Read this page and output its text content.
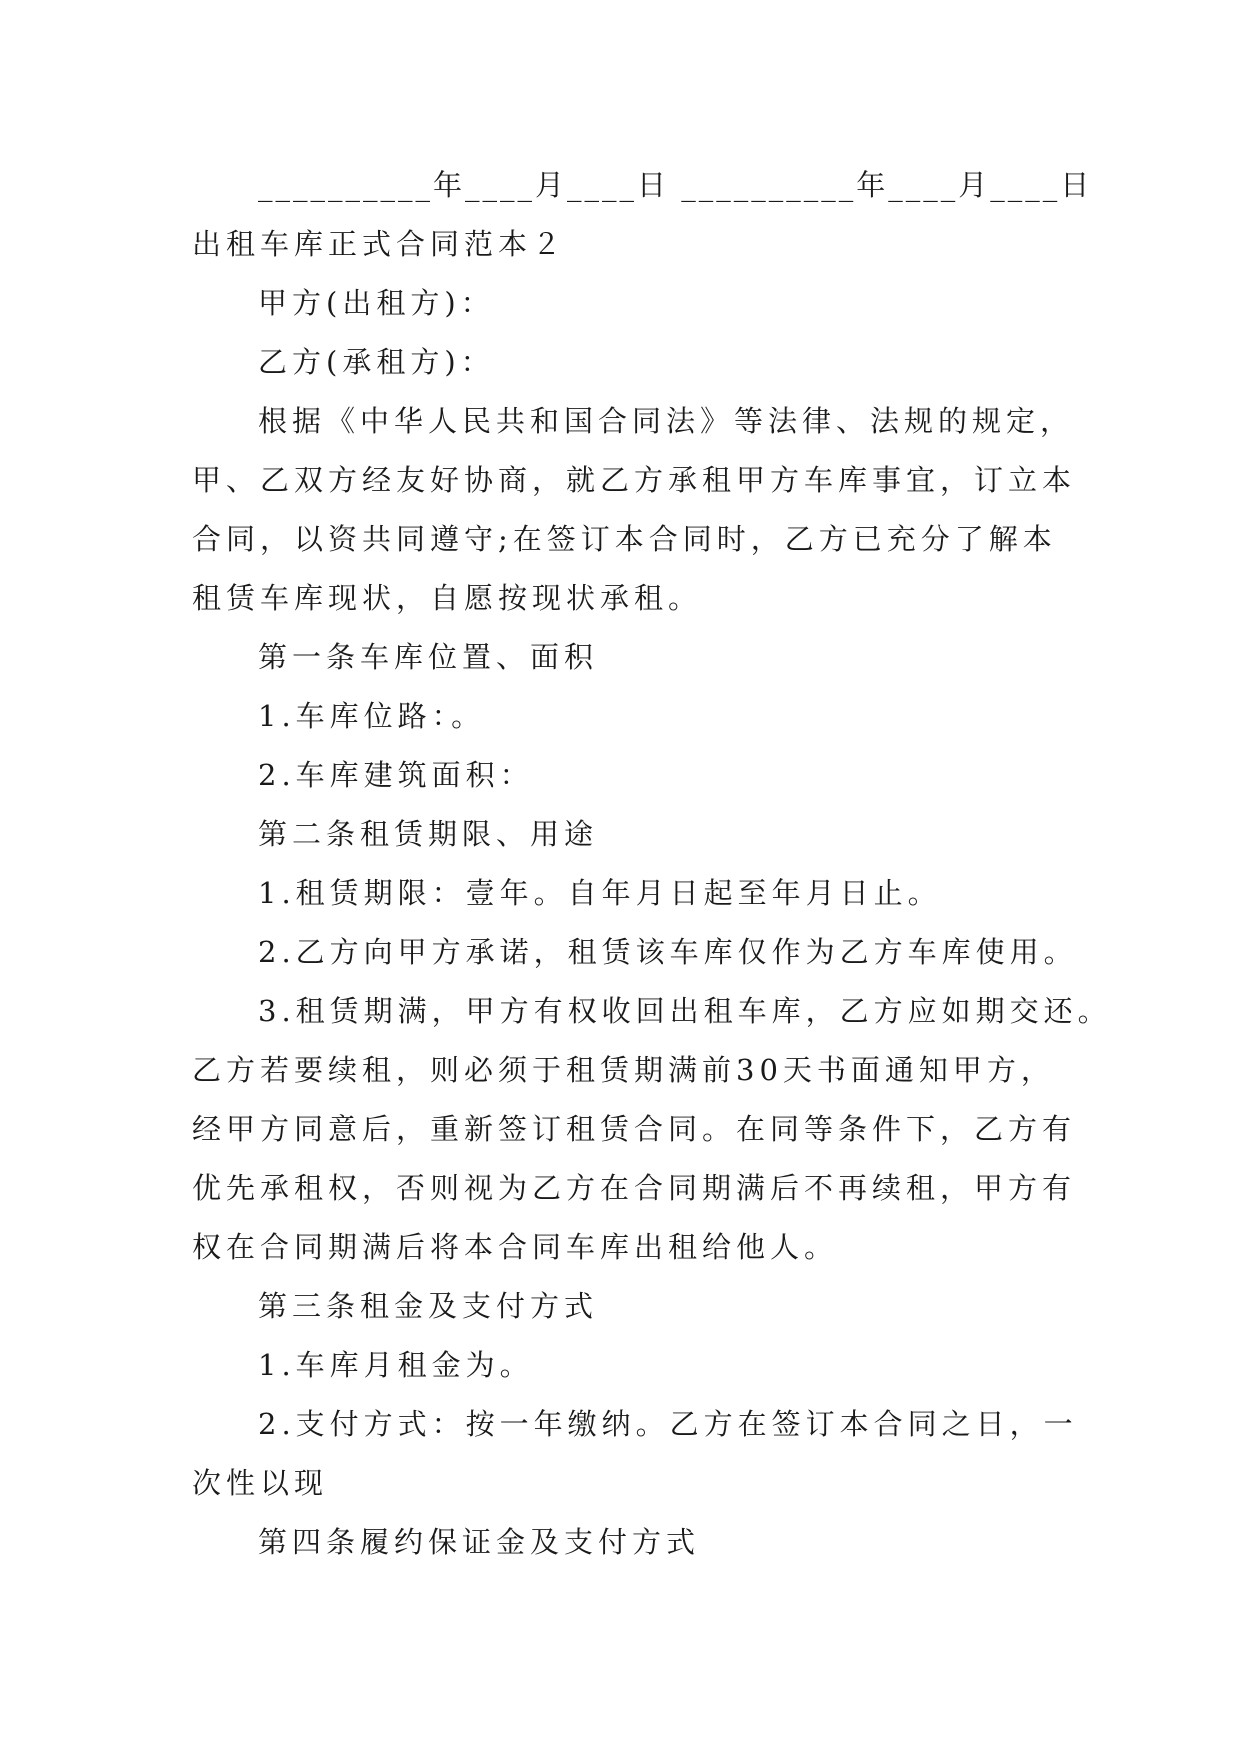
__________年____月____日 __________年____月____日
出租车库正式合同范本２
甲方(出租方)：
乙方(承租方)：
根据《中华人民共和国合同法》等法律、法规的规定，
甲、乙双方经友好协商，就乙方承租甲方车库事宜，订立本
合同，以资共同遵守;在签订本合同时，乙方已充分了解本
租赁车库现状，自愿按现状承租。
第一条车库位置、面积
1.车库位路：。
2.车库建筑面积：
第二条租赁期限、用途
1.租赁期限：壹年。自年月日起至年月日止。
2.乙方向甲方承诺，租赁该车库仅作为乙方车库使用。
3.租赁期满，甲方有权收回出租车库，乙方应如期交还。
乙方若要续租，则必须于租赁期满前30天书面通知甲方，
经甲方同意后，重新签订租赁合同。在同等条件下，乙方有
优先承租权，否则视为乙方在合同期满后不再续租，甲方有
权在合同期满后将本合同车库出租给他人。
第三条租金及支付方式
1.车库月租金为。
2.支付方式：按一年缴纳。乙方在签订本合同之日，一
次性以现
第四条履约保证金及支付方式
